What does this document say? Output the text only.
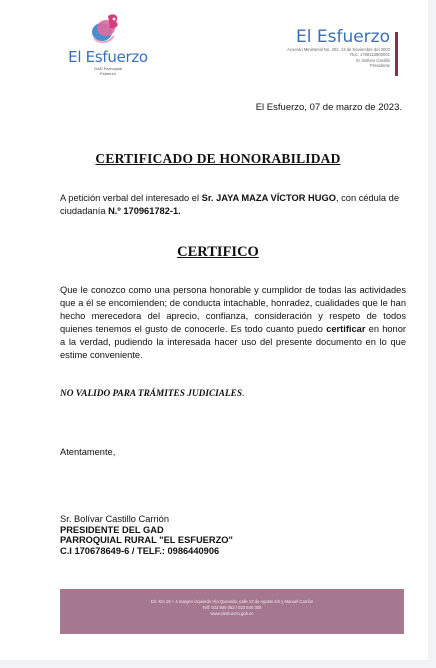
El Esfuerzo
GAD Parroquial
Esfuerzo
El Esfuerzo
Acuerdo Ministerial No. 302, 13 de Noviembre del 2003
Ruc: 1768113800001
Sr. Bolívar Castillo
Presidente
El Esfuerzo, 07 de marzo de 2023.
CERTIFICADO DE HONORABILIDAD
A petición verbal del interesado el Sr. JAYA MAZA VÍCTOR HUGO, con cédula de ciudadanía N.º 170961782-1.
CERTIFICO
Que le conozco como una persona honorable y cumplidor de todas las actividades que a él se encomienden; de conducta intachable, honradez, cualidades que le han hecho merecedora del aprecio, confianza, consideración y respeto de todos quienes tenemos el gusto de conocerle. Es todo cuanto puedo certificar en honor a la verdad, pudiendo la interesada hacer uso del presente documento en lo que estime conveniente.
NO VALIDO PARA TRÁMITES JUDICIALES.
Atentamente,
Sr. Bolívar Castillo Carrión
PRESIDENTE DEL GAD
PARROQUIAL RURAL "EL ESFUERZO"
C.I 170678649-6 / TELF.: 0986440906
Dir: Km 19 + 4 margen izquierdo Vía Quevedo, calle 13 de Agosto s/n y Manuel Carrión
Telf: 023 840 053 / 023 840 306
www.elesfuerzo.gob.ec
